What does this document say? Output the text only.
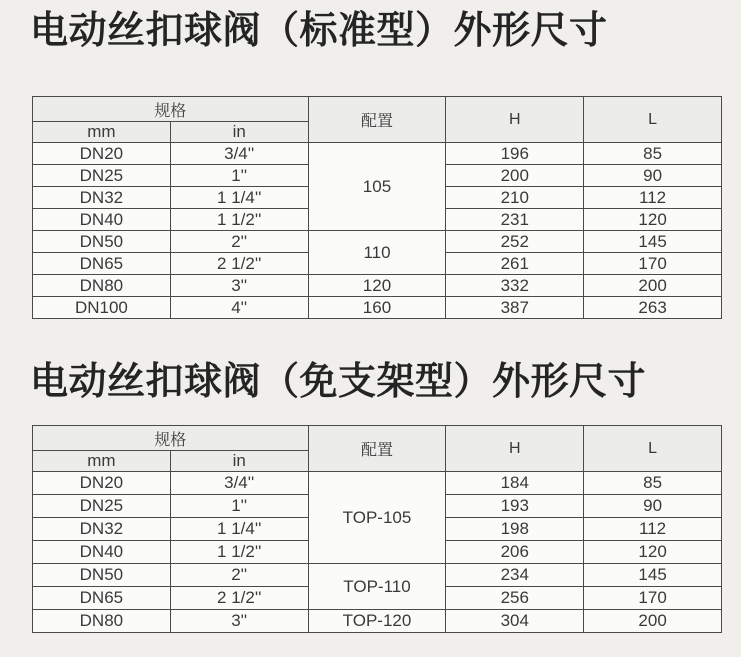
电动丝扣球阀（标准型）外形尺寸
规格		配置	H	L
mm	in			
DN20	3/4''	105	196	85
DN25	1''		200	90
DN32	1 1/4''		210	112
DN40	1 1/2''		231	120
DN50	2''	110	252	145
DN65	2 1/2''		261	170
DN80	3''	120	332	200
DN100	4''	160	387	263
电动丝扣球阀（免支架型）外形尺寸
规格		配置	H	L
mm	in			
DN20	3/4''	TOP-105	184	85
DN25	1''		193	90
DN32	1 1/4''		198	112
DN40	1 1/2''		206	120
DN50	2''	TOP-110	234	145
DN65	2 1/2''		256	170
DN80	3''	TOP-120	304	200
